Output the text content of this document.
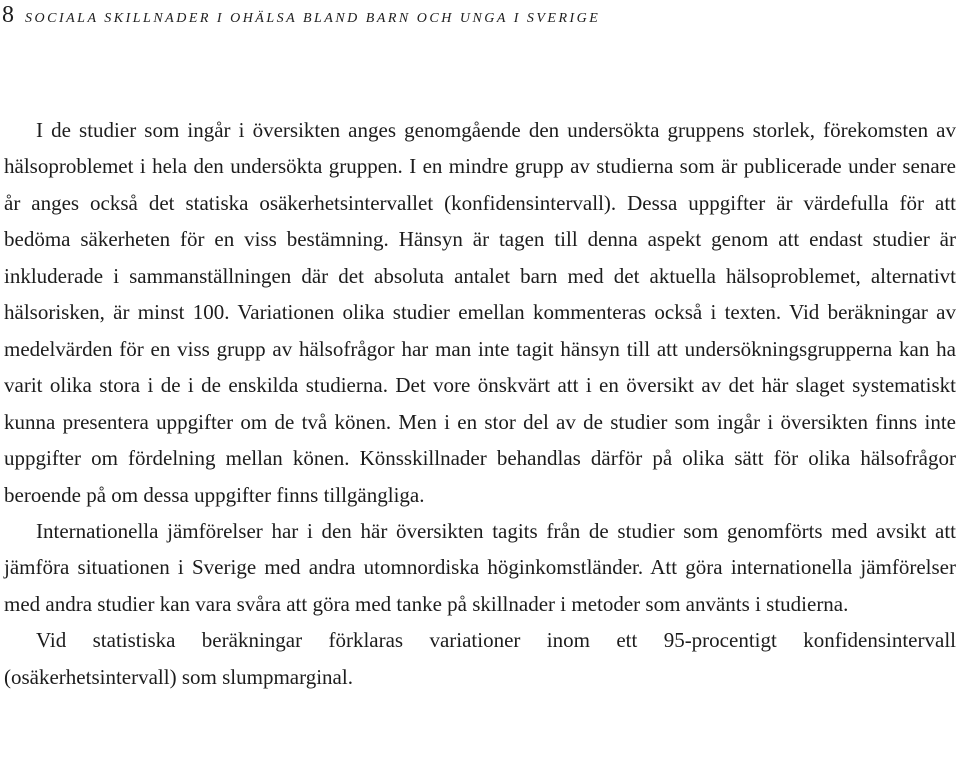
8 SOCIALA SKILLNADER I OHÄLSA BLAND BARN OCH UNGA I SVERIGE

I de studier som ingår i översikten anges genomgående den undersökta gruppens storlek, förekomsten av hälsoproblemet i hela den undersökta gruppen. I en mindre grupp av studierna som är publicerade under senare år anges också det statiska osäkerhetsintervallet (konfidensintervall). Dessa uppgifter är värdefulla för att bedöma säkerheten för en viss bestämning. Hänsyn är tagen till denna aspekt genom att endast studier är inkluderade i sammanställningen där det absoluta antalet barn med det aktuella hälsoproblemet, alternativt hälsorisken, är minst 100. Variationen olika studier emellan kommenteras också i texten. Vid beräkningar av medelvärden för en viss grupp av hälsofrågor har man inte tagit hänsyn till att undersökningsgrupperna kan ha varit olika stora i de i de enskilda studierna. Det vore önskvärt att i en översikt av det här slaget systematiskt kunna presentera uppgifter om de två könen. Men i en stor del av de studier som ingår i översikten finns inte uppgifter om fördelning mellan könen. Könsskillnader behandlas därför på olika sätt för olika hälsofrågor beroende på om dessa uppgifter finns tillgängliga.

Internationella jämförelser har i den här översikten tagits från de studier som genomförts med avsikt att jämföra situationen i Sverige med andra utomnordiska höginkomstländer. Att göra internationella jämförelser med andra studier kan vara svåra att göra med tanke på skillnader i metoder som använts i studierna.

Vid statistiska beräkningar förklaras variationer inom ett 95-procentigt konfidensintervall (osäkerhetsintervall) som slumpmarginal.
